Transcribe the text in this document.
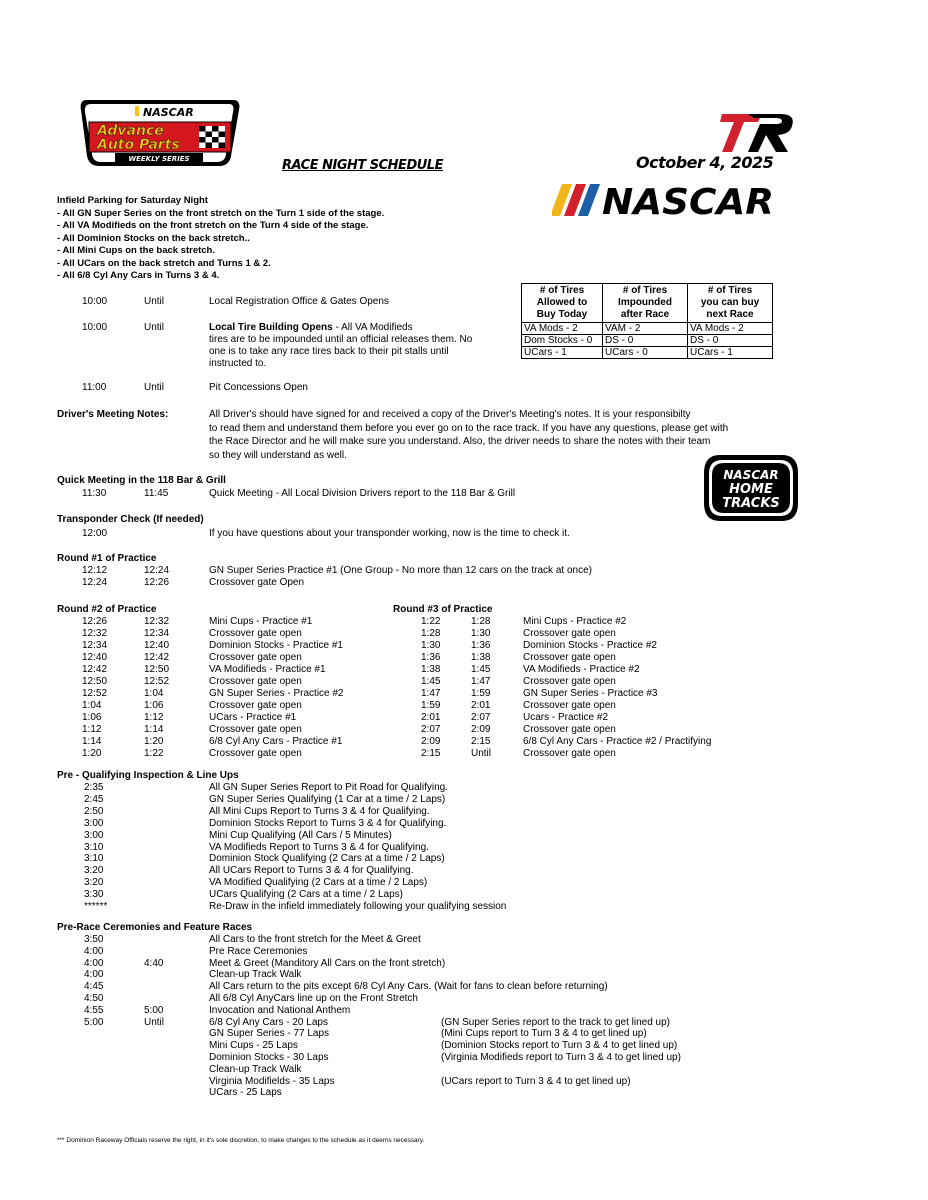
NASCAR
Advance
Auto Parts
WEEKLY SERIES
DR
NASCAR
NASCAR
HOME
TRACKS
RACE NIGHT SCHEDULE	October 4, 2025
Infield Parking for Saturday Night
- All GN Super Series on the front stretch on the Turn 1 side of the stage.
- All VA Modifieds on the front stretch on the Turn 4 side of the stage.
- All Dominion Stocks on the back stretch..
- All Mini Cups on the back stretch.
- All UCars on the back stretch and Turns 1 & 2.
- All 6/8 Cyl Any Cars in Turns 3 & 4.
10:00	Until	Local Registration Office & Gates Opens
10:00	Until	Local Tire Building Opens - All VA Modifieds
tires are to be impounded until an official releases them. No
one is to take any race tires back to their pit stalls until
instructed to.
11:00	Until	Pit Concessions Open
# of Tires
Allowed to
Buy Today	# of Tires
Impounded
after Race	# of Tires
you can buy
next Race
VA Mods - 2	VAM - 2	VA Mods - 2
Dom Stocks - 0	DS - 0	DS - 0
UCars - 1	UCars - 0	UCars - 1
Driver's Meeting Notes:	All Driver's should have signed for and received a copy of the Driver's Meeting's notes. It is your responsibilty
to read them and understand them before you ever go on to the race track. If you have any questions, please get with
the Race Director and he will make sure you understand. Also, the driver needs to share the notes with their team
so they will understand as well.
Quick Meeting in the 118 Bar & Grill
11:30	11:45	Quick Meeting - All Local Division Drivers report to the 118 Bar & Grill
Transponder Check (If needed)
12:00	If you have questions about your transponder working, now is the time to check it.
Round #1 of Practice
12:12	12:24	GN Super Series Practice #1 (One Group - No more than 12 cars on the track at once)
12:24	12:26	Crossover gate Open
Round #2 of Practice	Round #3 of Practice
12:26	12:32	Mini Cups - Practice #1
12:32	12:34	Crossover gate open
12:34	12:40	Dominion Stocks - Practice #1
12:40	12:42	Crossover gate open
12:42	12:50	VA Modifieds - Practice #1
12:50	12:52	Crossover gate open
12:52	1:04	GN Super Series - Practice #2
1:04	1:06	Crossover gate open
1:06	1:12	UCars - Practice #1
1:12	1:14	Crossover gate open
1:14	1:20	6/8 Cyl Any Cars - Practice #1
1:20	1:22	Crossover gate open
1:22	1:28	Mini Cups - Practice #2
1:28	1:30	Crossover gate open
1:30	1:36	Dominion Stocks - Practice #2
1:36	1:38	Crossover gate open
1:38	1:45	VA Modifieds - Practice #2
1:45	1:47	Crossover gate open
1:47	1:59	GN Super Series - Practice #3
1:59	2:01	Crossover gate open
2:01	2:07	Ucars - Practice #2
2:07	2:09	Crossover gate open
2:09	2:15	6/8 Cyl Any Cars - Practice #2 / Practifying
2:15	Until	Crossover gate open
Pre - Qualifying Inspection & Line Ups
2:35	All GN Super Series Report to Pit Road for Qualifying.
2:45	GN Super Series Qualifying (1 Car at a time / 2 Laps)
2:50	All Mini Cups Report to Turns 3 & 4 for Qualifying.
3:00	Dominion Stocks Report to Turns 3 & 4 for Qualifying.
3:00	Mini Cup Qualifying (All Cars / 5 Minutes)
3:10	VA Modifieds Report to Turns 3 & 4 for Qualifying.
3:10	Dominion Stock Qualifying (2 Cars at a time / 2 Laps)
3:20	All UCars Report to Turns 3 & 4 for Qualifying.
3:20	VA Modified Qualifying (2 Cars at a time / 2 Laps)
3:30	UCars Qualifying (2 Cars at a time / 2 Laps)
******	Re-Draw in the infield immediately following your qualifying session
Pre-Race Ceremonies and Feature Races
3:50	All Cars to the front stretch for the Meet & Greet
4:00	Pre Race Ceremonies
4:00	4:40	Meet & Greet (Manditory All Cars on the front stretch)
4:00	Clean-up Track Walk
4:45	All Cars return to the pits except 6/8 Cyl Any Cars. (Wait for fans to clean before returning)
4:50	All 6/8 Cyl AnyCars line up on the Front Stretch
4:55	5:00	Invocation and National Anthem
5:00	Until	6/8 Cyl Any Cars - 20 Laps	(GN Super Series report to the track to get lined up)
GN Super Series - 77 Laps	(Mini Cups report to Turn 3 & 4 to get lined up)
Mini Cups - 25 Laps	(Dominion Stocks report to Turn 3 & 4 to get lined up)
Dominion Stocks - 30 Laps	(Virginia Modifieds report to Turn 3 & 4 to get lined up)
Clean-up Track Walk
Virginia Modifields - 35 Laps	(UCars report to Turn 3 & 4 to get lined up)
UCars - 25 Laps
*** Dominion Raceway Officials reserve the right, in it's sole discretion, to make changes to the schedule as it deems necessary.
